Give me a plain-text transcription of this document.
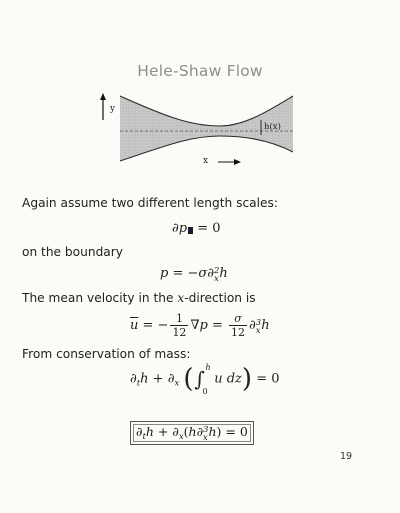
Hele-Shaw Flow
y
h(x)
x
Again assume two different length scales:
∂p = 0
on the boundary
p = −σ∂2
xh
The mean velocity in the x-direction is
$\overline{u}$ = − $\frac{1}{12} \nabla p = \frac{\sigma}{12} \partial 3$
xh
From conservation of mass:
$\partial_th + \partial_x$ (∫ h
0
u dz) = 0
$\partial_th + \partial_x(h\partial 3$
xh) = 0
19
